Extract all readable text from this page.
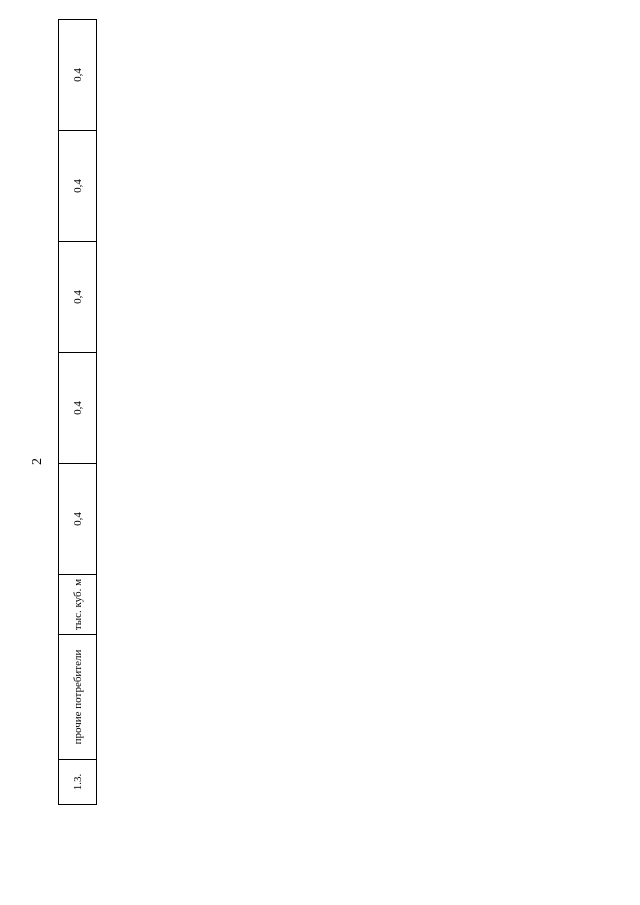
2
1.3.	прочие потребители	тыс. куб. м	0,4	0,4	0,4	0,4	0,4
